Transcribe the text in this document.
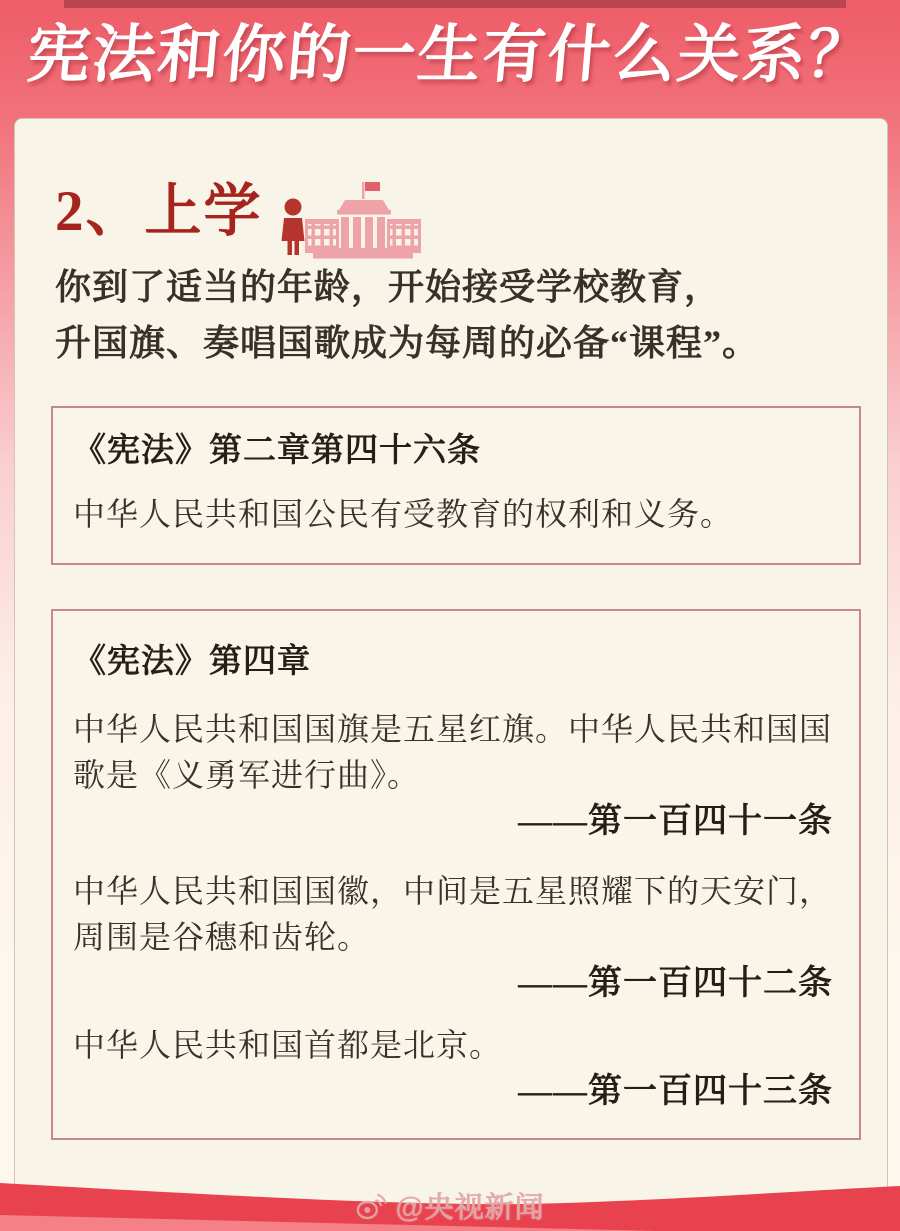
宪法和你的一生有什么关系？
2、上学

你到了适当的年龄，开始接受学校教育，
升国旗、奏唱国歌成为每周的必备“课程”。

《宪法》第二章第四十六条

中华人民共和国公民有受教育的权利和义务。

《宪法》第四章

中华人民共和国国旗是五星红旗。中华人民共和国国歌是《义勇军进行曲》。

——第一百四十一条

中华人民共和国国徽，中间是五星照耀下的天安门，周围是谷穗和齿轮。

——第一百四十二条

中华人民共和国首都是北京。

——第一百四十三条

@央视新闻
